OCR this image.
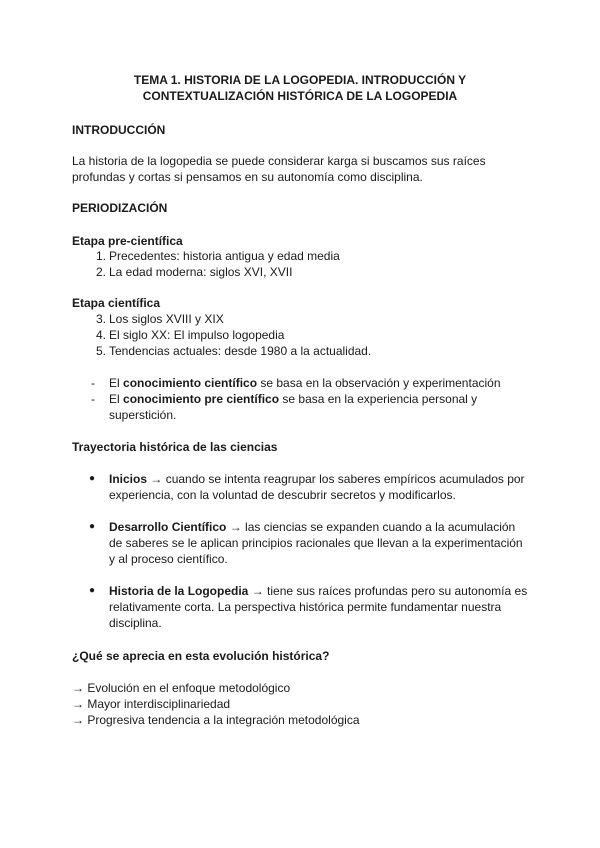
TEMA 1. HISTORIA DE LA LOGOPEDIA. INTRODUCCIÓN Y
CONTEXTUALIZACIÓN HISTÓRICA DE LA LOGOPEDIA
INTRODUCCIÓN
La historia de la logopedia se puede considerar karga si buscamos sus raíces profundas y cortas si pensamos en su autonomía como disciplina.
PERIODIZACIÓN
Etapa pre-científica
1. Precedentes: historia antigua y edad media
2. La edad moderna: siglos XVI, XVII
Etapa científica
3. Los siglos XVIII y XIX
4. El siglo XX: El impulso logopedia
5. Tendencias actuales: desde 1980 a la actualidad.
- El conocimiento científico se basa en la observación y experimentación
- El conocimiento pre científico se basa en la experiencia personal y superstición.
Trayectoria histórica de las ciencias
● Inicios → cuando se intenta reagrupar los saberes empíricos acumulados por experiencia, con la voluntad de descubrir secretos y modificarlos.
● Desarrollo Científico → las ciencias se expanden cuando a la acumulación de saberes se le aplican principios racionales que llevan a la experimentación y al proceso científico.
● Historia de la Logopedia → tiene sus raíces profundas pero su autonomía es relativamente corta. La perspectiva histórica permite fundamentar nuestra disciplina.
¿Qué se aprecia en esta evolución histórica?
→ Evolución en el enfoque metodológico
→ Mayor interdisciplinariedad
→ Progresiva tendencia a la integración metodológica
